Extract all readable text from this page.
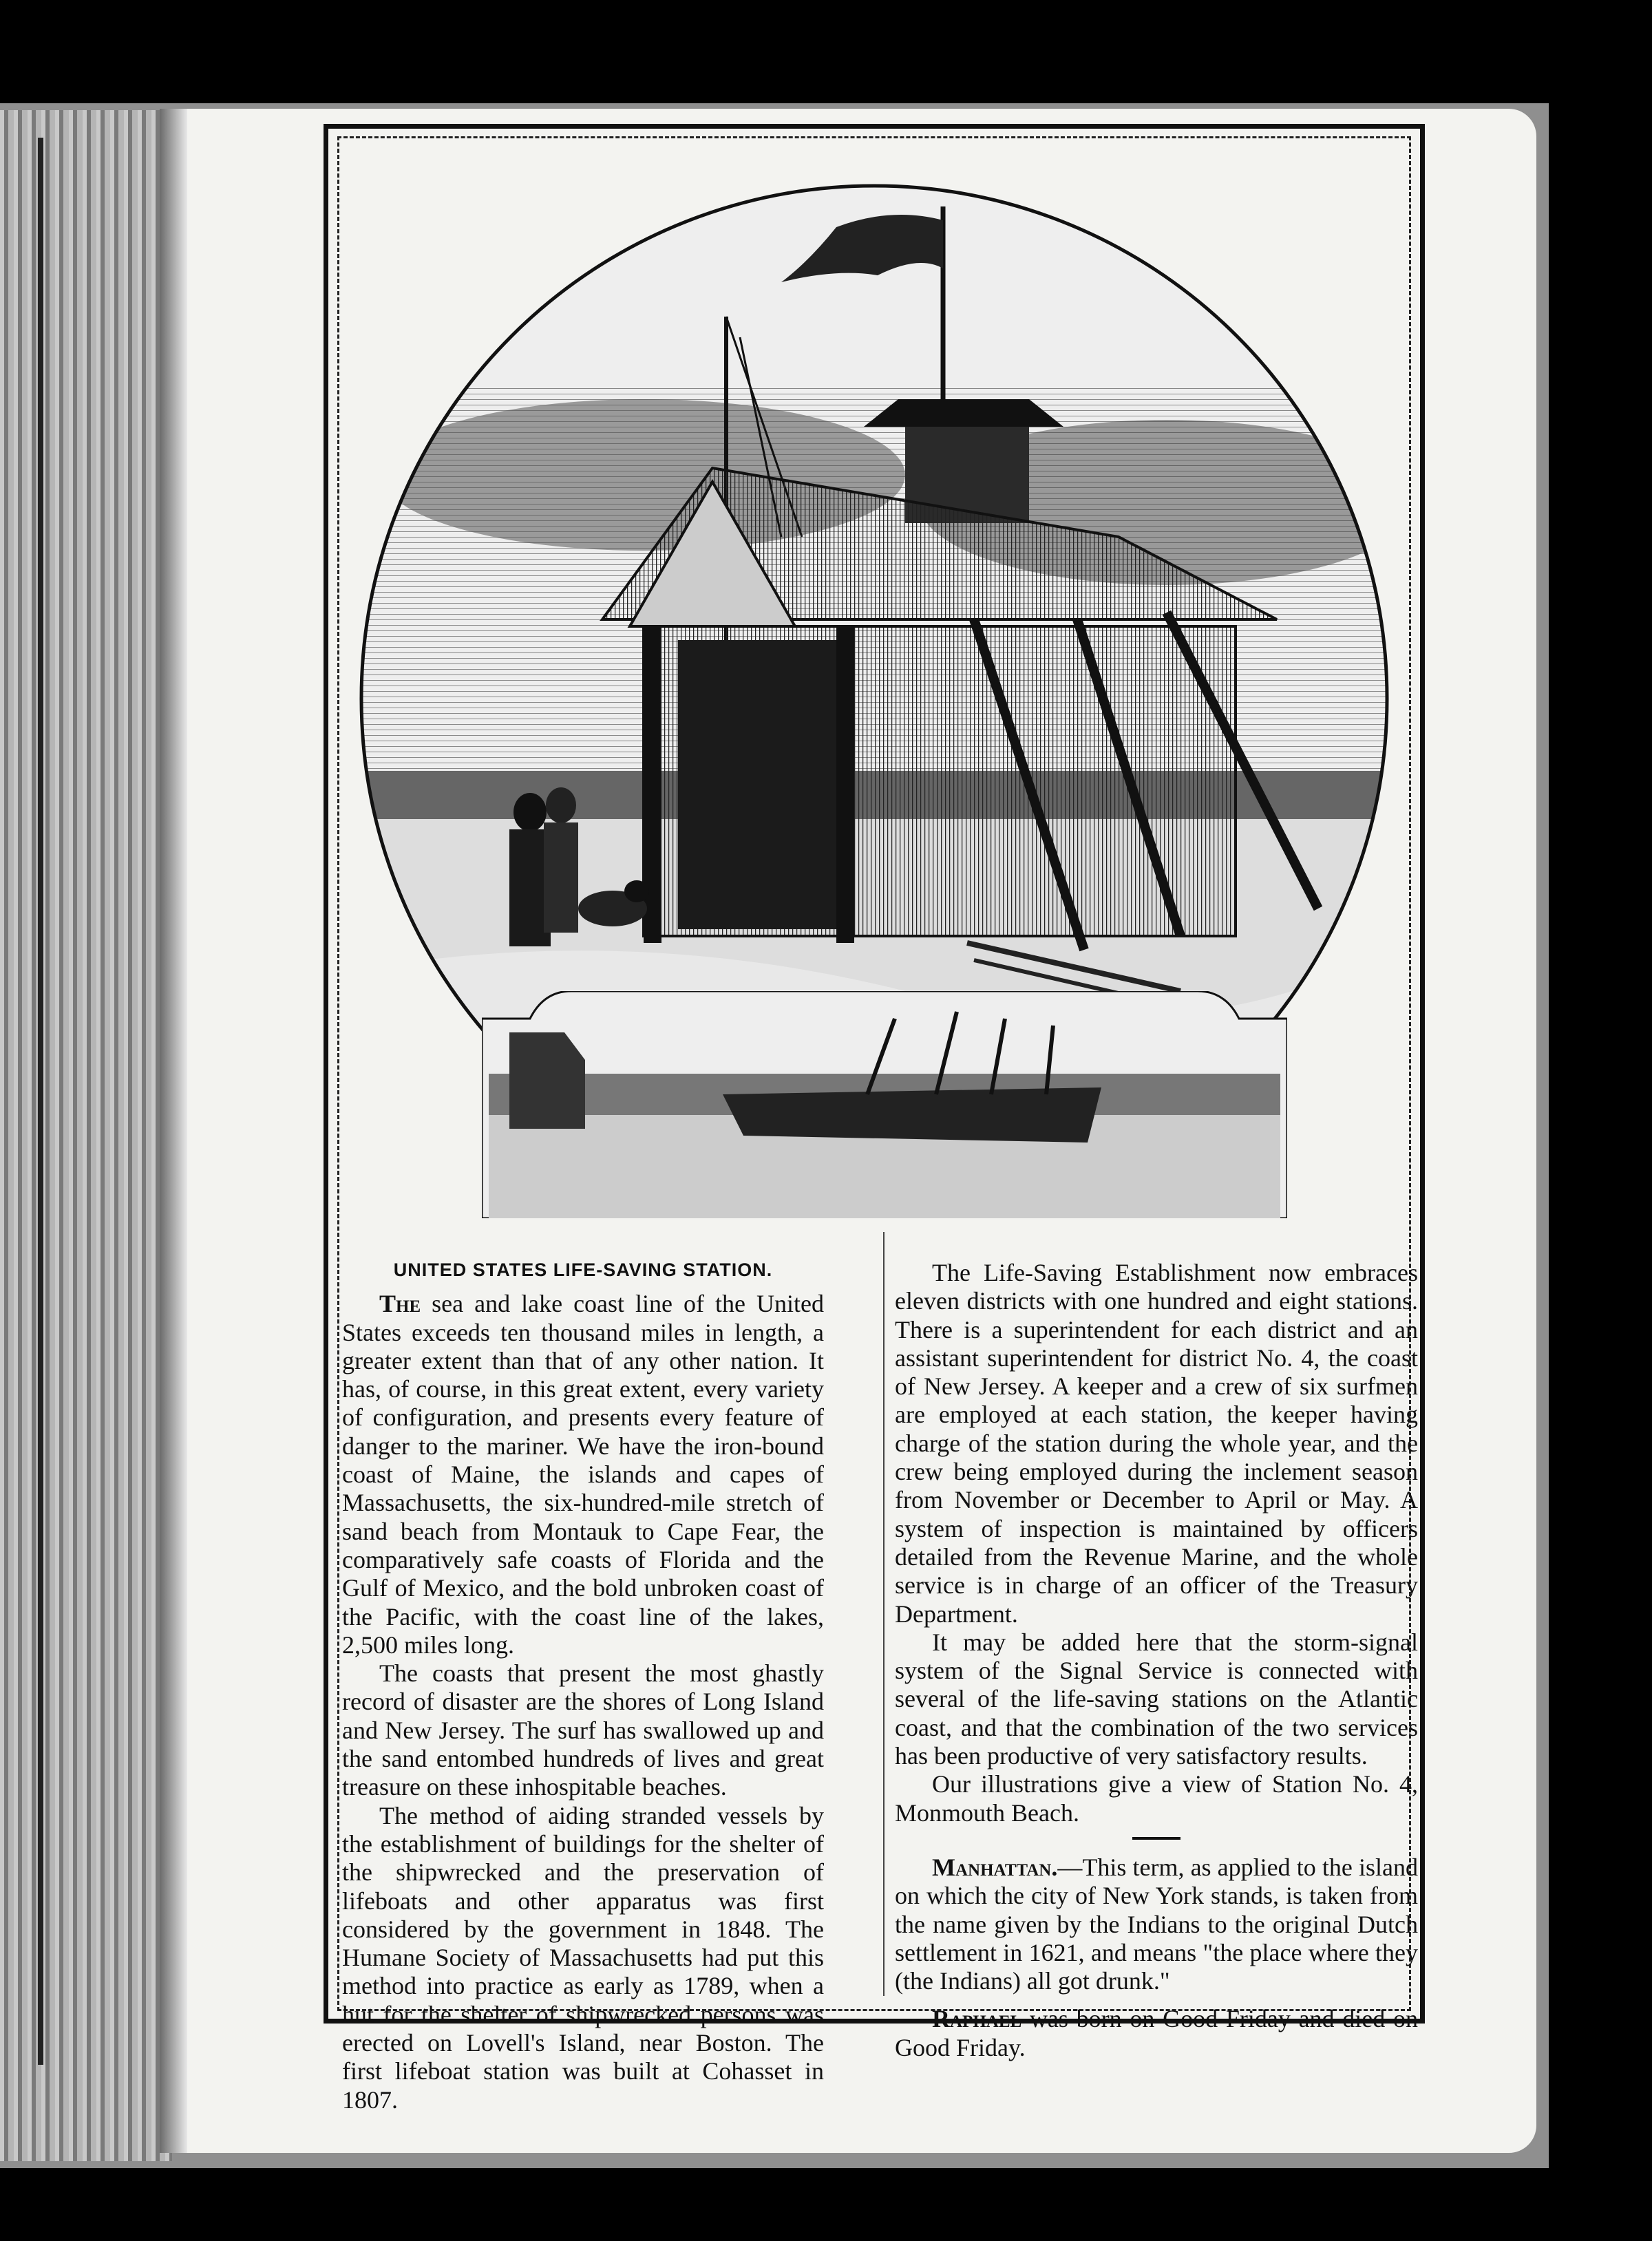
UNITED STATES LIFE-SAVING STATION.

The sea and lake coast line of the United States exceeds ten thousand miles in length, a greater extent than that of any other nation. It has, of course, in this great extent, every variety of configuration, and presents every feature of danger to the mariner. We have the iron-bound coast of Maine, the islands and capes of Massachusetts, the six-hundred-mile stretch of sand beach from Montauk to Cape Fear, the comparatively safe coasts of Florida and the Gulf of Mexico, and the bold unbroken coast of the Pacific, with the coast line of the lakes, 2,500 miles long.

The coasts that present the most ghastly record of disaster are the shores of Long Island and New Jersey. The surf has swallowed up and the sand entombed hundreds of lives and great treasure on these inhospitable beaches.

The method of aiding stranded vessels by the establishment of buildings for the shelter of the shipwrecked and the preservation of lifeboats and other apparatus was first considered by the government in 1848. The Humane Society of Massachusetts had put this method into practice as early as 1789, when a hut for the shelter of shipwrecked persons was erected on Lovell's Island, near Boston. The first lifeboat station was built at Cohasset in 1807.

The Life-Saving Establishment now embraces eleven districts with one hundred and eight stations. There is a superintendent for each district and an assistant superintendent for district No. 4, the coast of New Jersey. A keeper and a crew of six surfmen are employed at each station, the keeper having charge of the station during the whole year, and the crew being employed during the inclement season from November or December to April or May. A system of inspection is maintained by officers detailed from the Revenue Marine, and the whole service is in charge of an officer of the Treasury Department.

It may be added here that the storm-signal system of the Signal Service is connected with several of the life-saving stations on the Atlantic coast, and that the combination of the two services has been productive of very satisfactory results.

Our illustrations give a view of Station No. 4, Monmouth Beach.

Manhattan.—This term, as applied to the island on which the city of New York stands, is taken from the name given by the Indians to the original Dutch settlement in 1621, and means "the place where they (the Indians) all got drunk."

Raphael was born on Good Friday and died on Good Friday.
